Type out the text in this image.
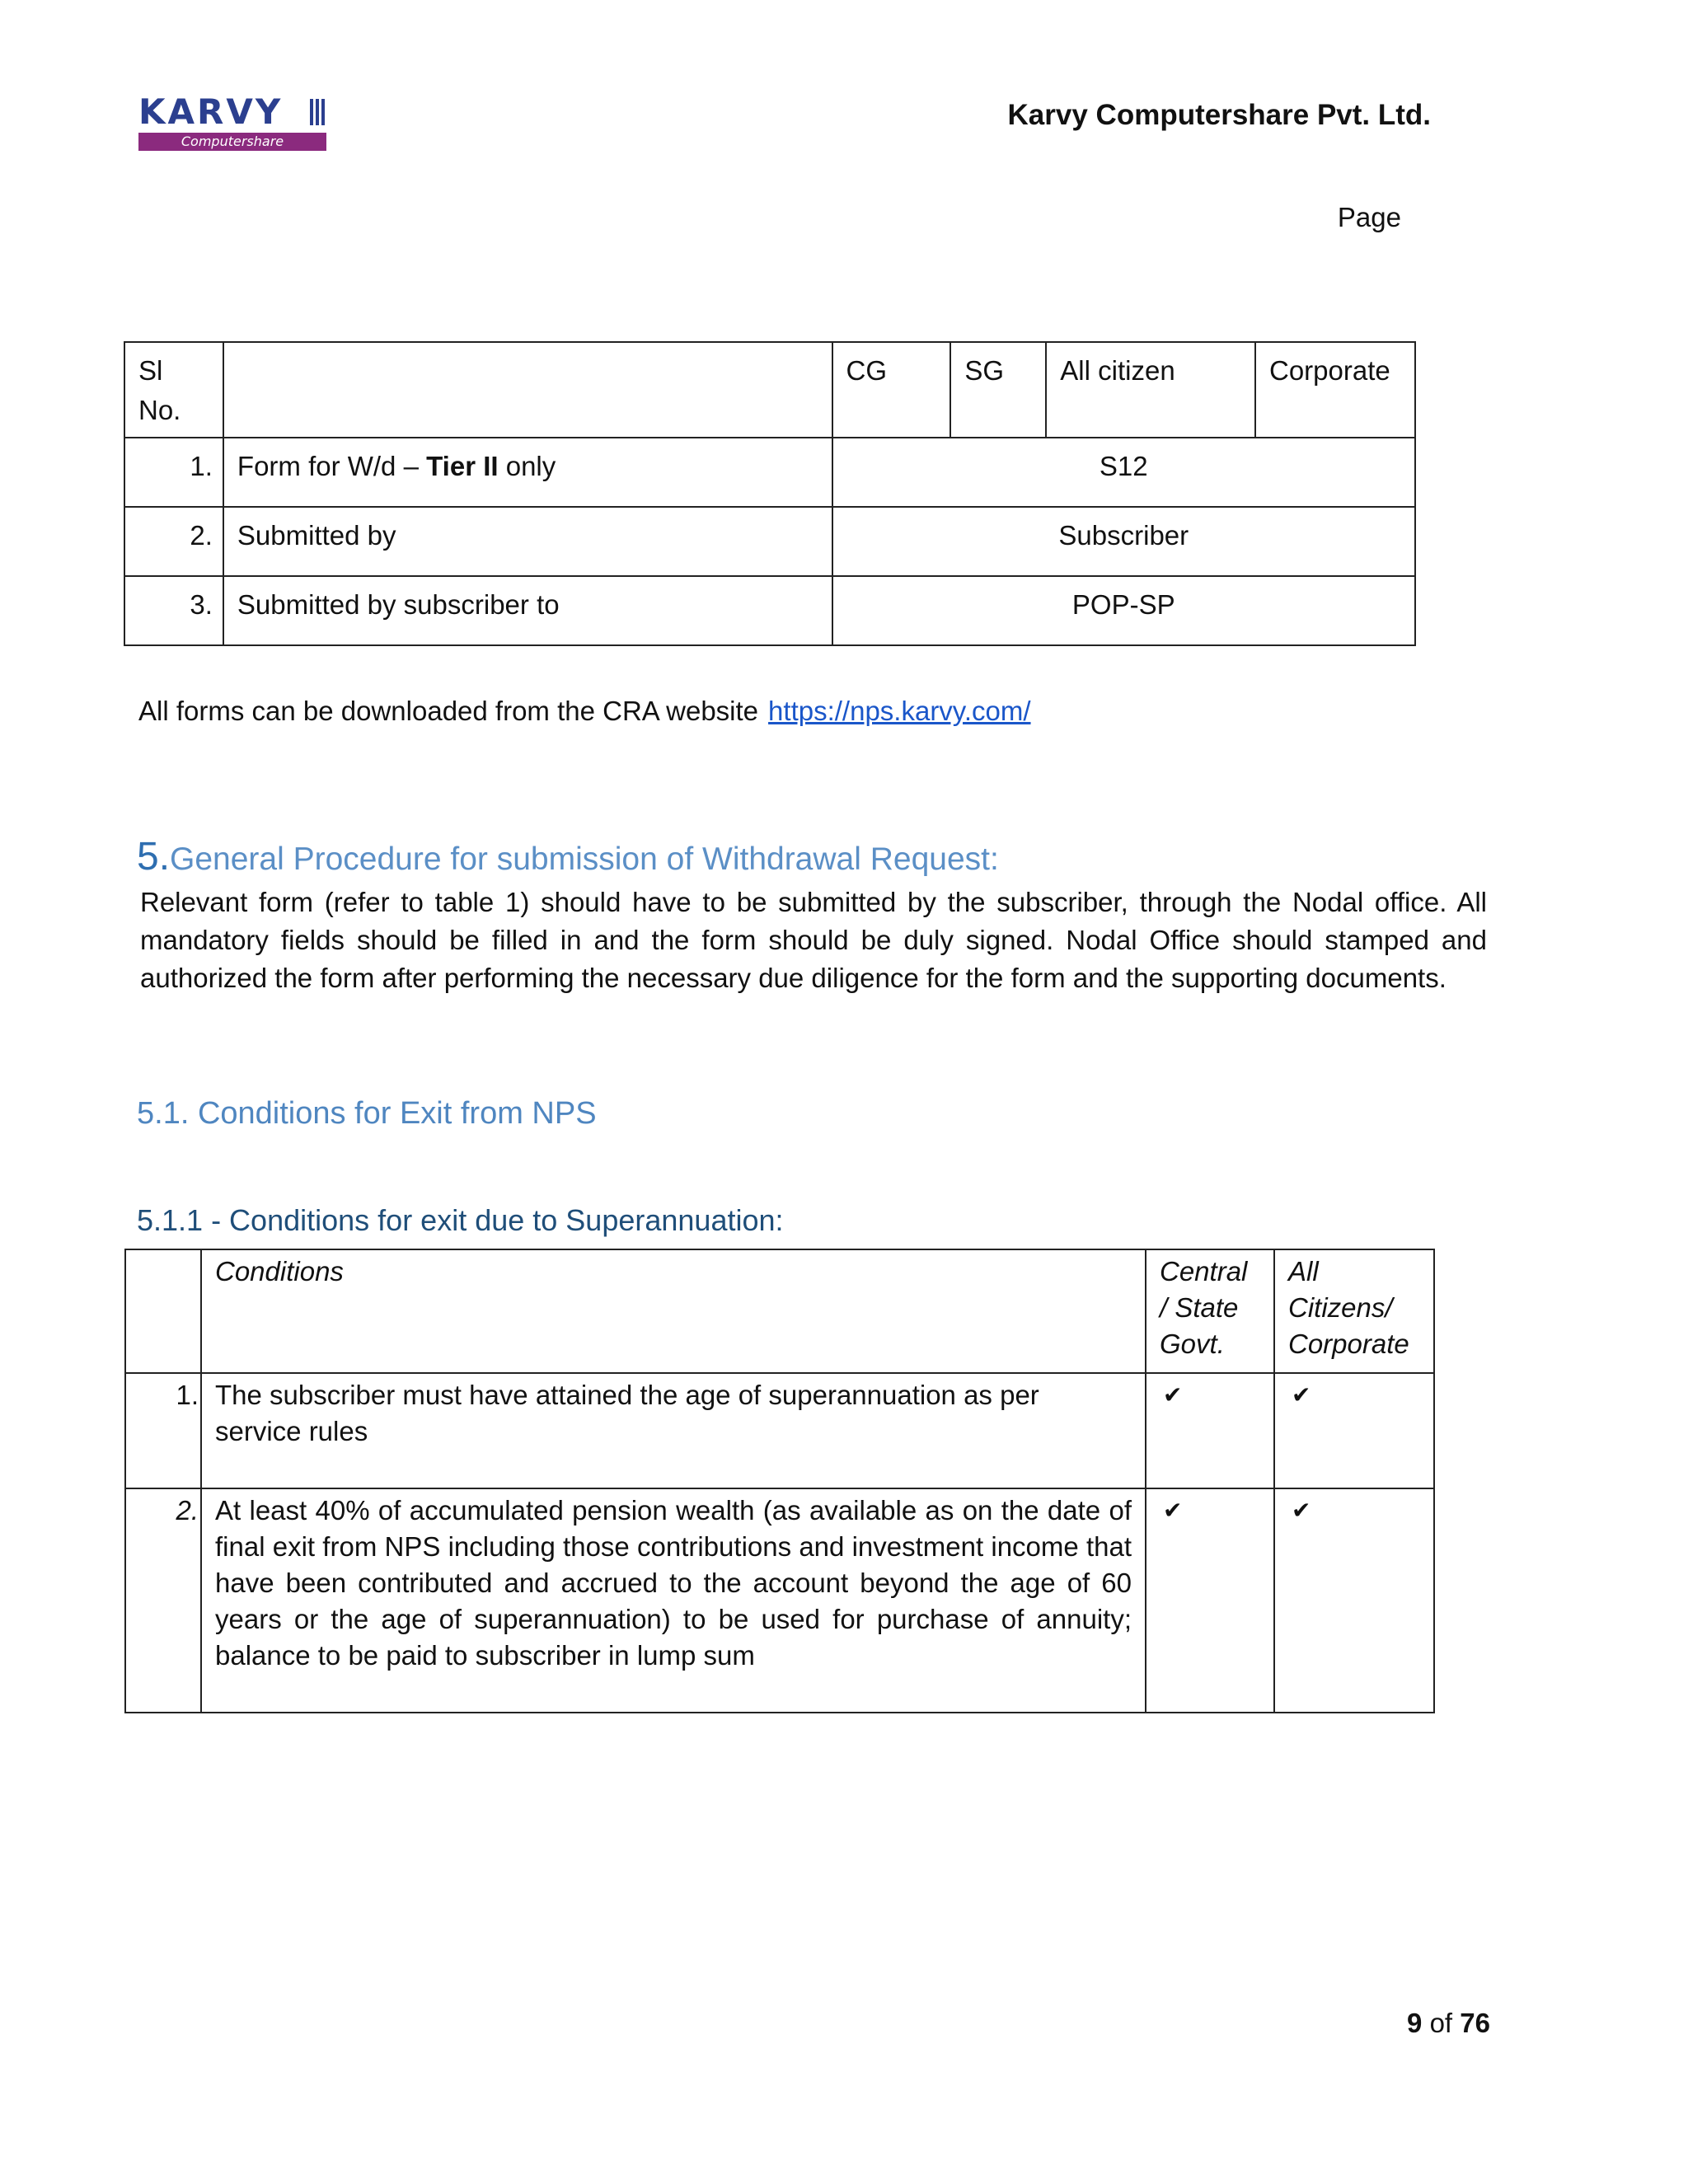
KARVY
Computershare
Karvy Computershare Pvt. Ltd.
Page
Sl No.		CG	SG	All citizen	Corporate
1.	Form for W/d – Tier II only	S12			
2.	Submitted by	Subscriber			
3.	Submitted by subscriber to	POP-SP			
All forms can be downloaded from the CRA website https://nps.karvy.com/
5.General Procedure for submission of Withdrawal Request:
Relevant form (refer to table 1) should have to be submitted by the subscriber, through the Nodal office. All mandatory fields should be filled in and the form should be duly signed. Nodal Office should stamped and authorized the form after performing the necessary due diligence for the form and the supporting documents.
5.1. Conditions for Exit from NPS
5.1.1 - Conditions for exit due to Superannuation:
	Conditions	Central / State Govt.	All Citizens/ Corporate
1.	The subscriber must have attained the age of superannuation as per service rules	✔	✔
2.	At least 40% of accumulated pension wealth (as available as on the date of final exit from NPS including those contributions and investment income that have been contributed and accrued to the account beyond the age of 60 years or the age of superannuation) to be used for purchase of annuity; balance to be paid to subscriber in lump sum	✔	✔
9 of 76
